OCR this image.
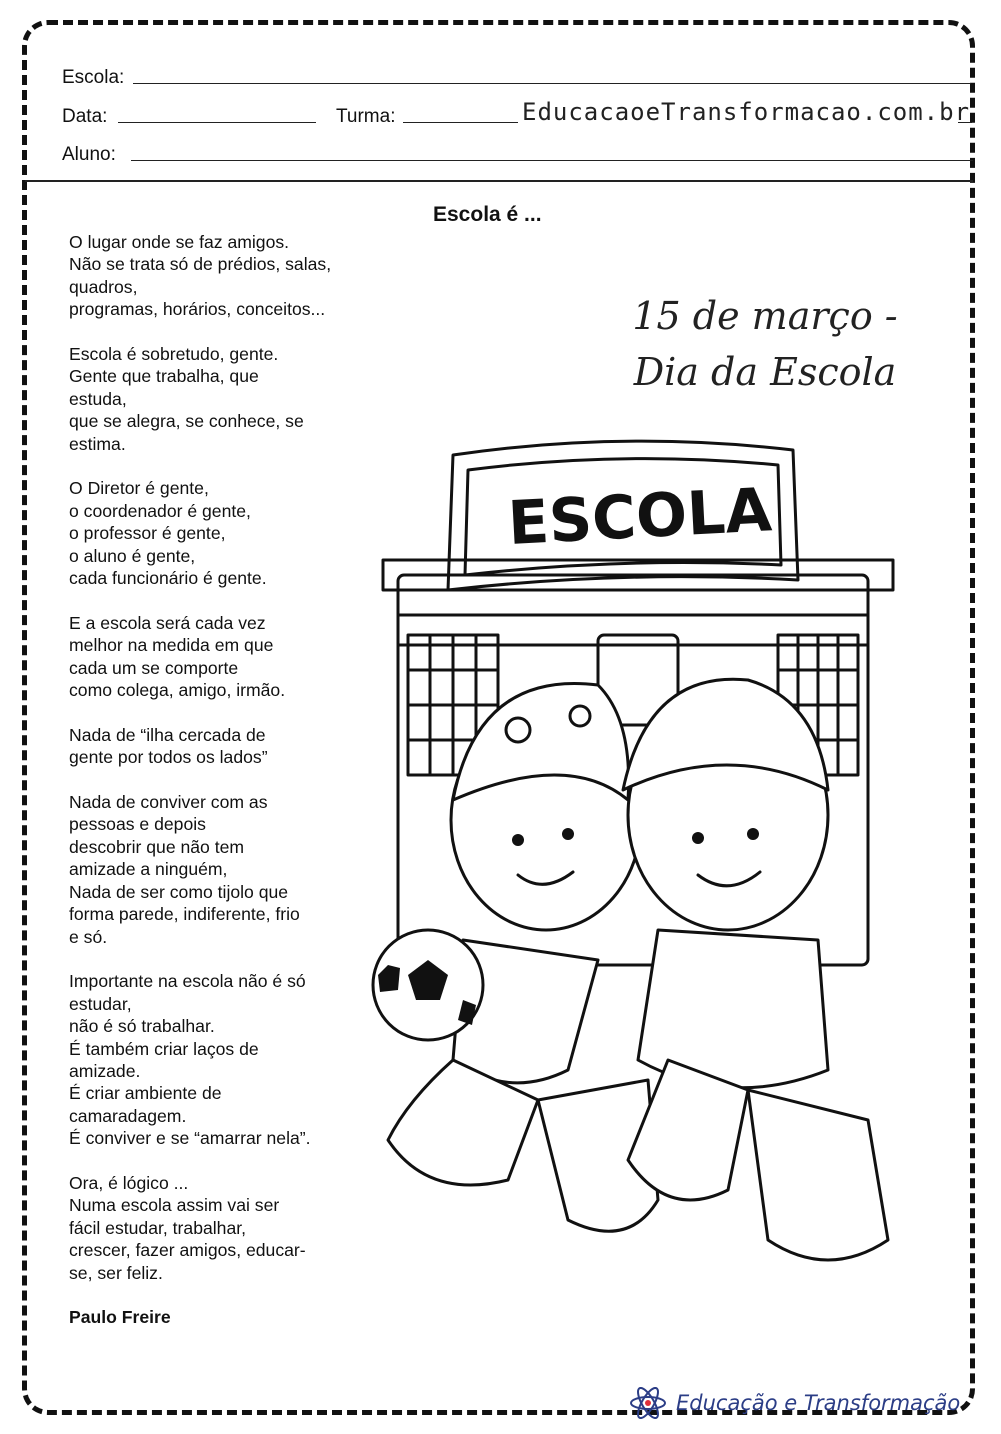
Escola:
Data:	Turma:	EducacaoeTransformacao.com.br
Aluno:
Escola é ...

O lugar onde se faz amigos.
Não se trata só de prédios, salas, quadros,
programas, horários, conceitos...

Escola é sobretudo, gente.
Gente que trabalha, que
estuda,
que se alegra, se conhece, se
estima.

O Diretor é gente,
o coordenador é gente,
o professor é gente,
o aluno é gente,
cada funcionário é gente.

E a escola será cada vez
melhor na medida em que
cada um se comporte
como colega, amigo, irmão.

Nada de “ilha cercada de
gente por todos os lados”

Nada de conviver com as
pessoas e depois
descobrir que não tem
amizade a ninguém,
Nada de ser como tijolo que
forma parede, indiferente, frio
e só.

Importante na escola não é só
estudar,
não é só trabalhar.
É também criar laços de
amizade.
É criar ambiente de
camaradagem.
É conviver e se “amarrar nela”.

Ora, é lógico ...
Numa escola assim vai ser
fácil estudar, trabalhar,
crescer, fazer amigos, educar-
se, ser feliz.

Paulo Freire

15 de março -
Dia da Escola
ESCOLA
Educação e Transformação
